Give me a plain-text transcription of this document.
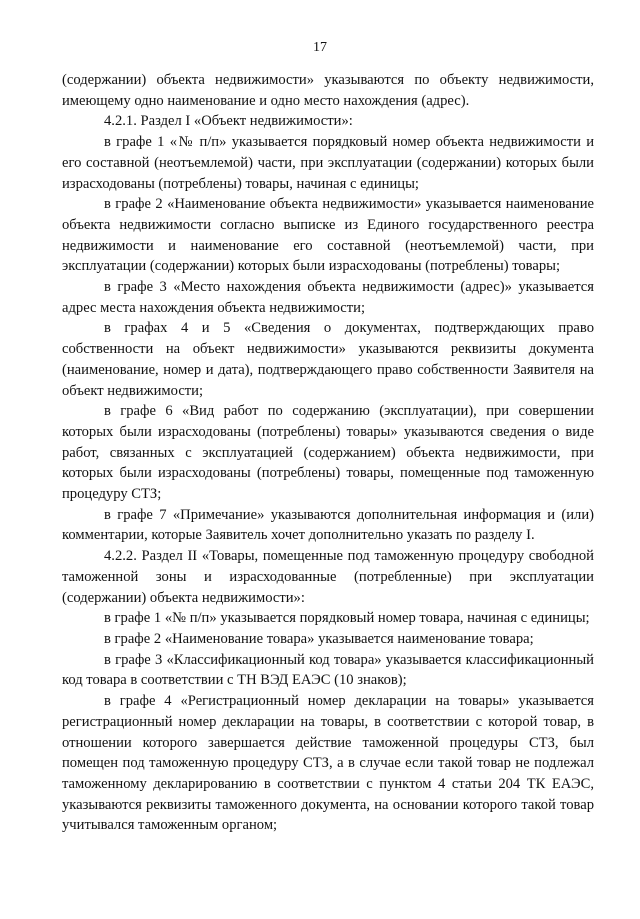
17

(содержании) объекта недвижимости» указываются по объекту недвижимости, имеющему одно наименование и одно место нахождения (адрес).

4.2.1. Раздел I «Объект недвижимости»:

в графе 1 «№ п/п» указывается порядковый номер объекта недвижимости и его составной (неотъемлемой) части, при эксплуатации (содержании) которых были израсходованы (потреблены) товары, начиная с единицы;

в графе 2 «Наименование объекта недвижимости» указывается наименование объекта недвижимости согласно выписке из Единого государственного реестра недвижимости и наименование его составной (неотъемлемой) части, при эксплуатации (содержании) которых были израсходованы (потреблены) товары;

в графе 3 «Место нахождения объекта недвижимости (адрес)» указывается адрес места нахождения объекта недвижимости;

в графах 4 и 5 «Сведения о документах, подтверждающих право собственности на объект недвижимости» указываются реквизиты документа (наименование, номер и дата), подтверждающего право собственности Заявителя на объект недвижимости;

в графе 6 «Вид работ по содержанию (эксплуатации), при совершении которых были израсходованы (потреблены) товары» указываются сведения о виде работ, связанных с эксплуатацией (содержанием) объекта недвижимости, при которых были израсходованы (потреблены) товары, помещенные под таможенную процедуру СТЗ;

в графе 7 «Примечание» указываются дополнительная информация и (или) комментарии, которые Заявитель хочет дополнительно указать по разделу I.

4.2.2. Раздел II «Товары, помещенные под таможенную процедуру свободной таможенной зоны и израсходованные (потребленные) при эксплуатации (содержании) объекта недвижимости»:

в графе 1 «№ п/п» указывается порядковый номер товара, начиная с единицы;

в графе 2 «Наименование товара» указывается наименование товара;

в графе 3 «Классификационный код товара» указывается классификационный код товара в соответствии с ТН ВЭД ЕАЭС (10 знаков);

в графе 4 «Регистрационный номер декларации на товары» указывается регистрационный номер декларации на товары, в соответствии с которой товар, в отношении которого завершается действие таможенной процедуры СТЗ, был помещен под таможенную процедуру СТЗ, а в случае если такой товар не подлежал таможенному декларированию в соответствии с пунктом 4 статьи 204 ТК ЕАЭС, указываются реквизиты таможенного документа, на основании которого такой товар учитывался таможенным органом;
